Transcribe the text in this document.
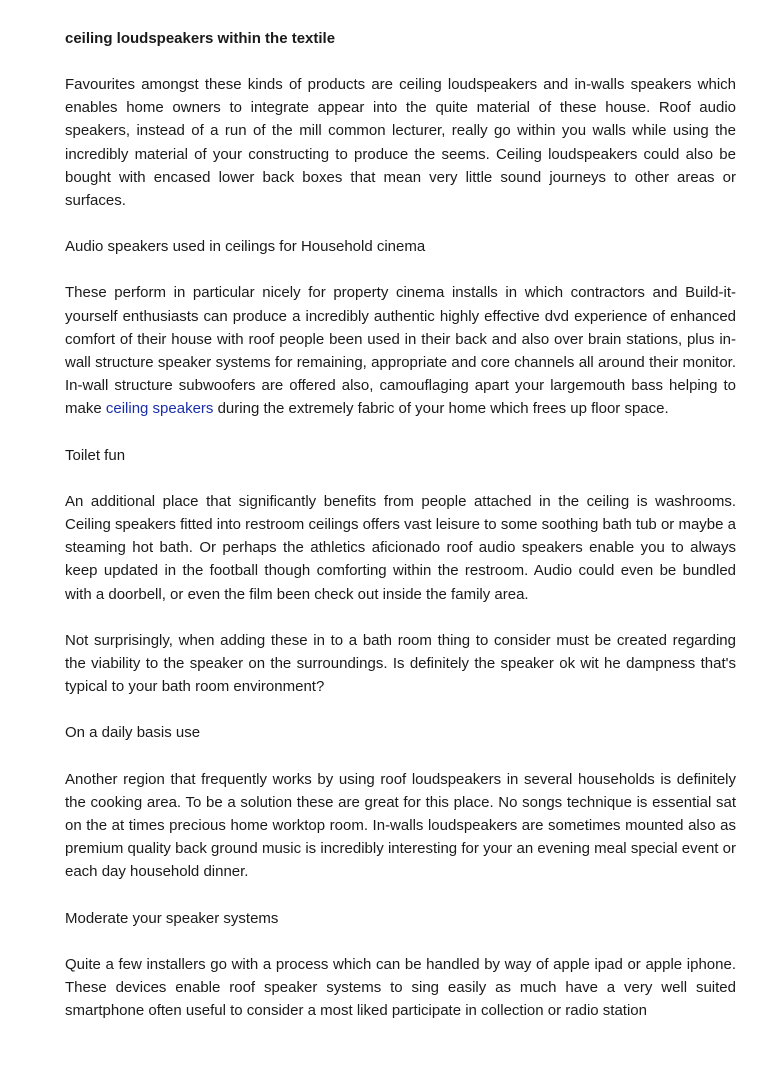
ceiling loudspeakers within the textile

Favourites amongst these kinds of products are ceiling loudspeakers and in-walls speakers which enables home owners to integrate appear into the quite material of these house. Roof audio speakers, instead of a run of the mill common lecturer, really go within you walls while using the incredibly material of your constructing to produce the seems. Ceiling loudspeakers could also be bought with encased lower back boxes that mean very little sound journeys to other areas or surfaces.

Audio speakers used in ceilings for Household cinema

These perform in particular nicely for property cinema installs in which contractors and Build-it-yourself enthusiasts can produce a incredibly authentic highly effective dvd experience of enhanced comfort of their house with roof people been used in their back and also over brain stations, plus in-wall structure speaker systems for remaining, appropriate and core channels all around their monitor. In-wall structure subwoofers are offered also, camouflaging apart your largemouth bass helping to make ceiling speakers during the extremely fabric of your home which frees up floor space.

Toilet fun

An additional place that significantly benefits from people attached in the ceiling is washrooms. Ceiling speakers fitted into restroom ceilings offers vast leisure to some soothing bath tub or maybe a steaming hot bath. Or perhaps the athletics aficionado roof audio speakers enable you to always keep updated in the football though comforting within the restroom. Audio could even be bundled with a doorbell, or even the film been check out inside the family area.

Not surprisingly, when adding these in to a bath room thing to consider must be created regarding the viability to the speaker on the surroundings. Is definitely the speaker ok wit he dampness that's typical to your bath room environment?

On a daily basis use

Another region that frequently works by using roof loudspeakers in several households is definitely the cooking area. To be a solution these are great for this place. No songs technique is essential sat on the at times precious home worktop room. In-walls loudspeakers are sometimes mounted also as premium quality back ground music is incredibly interesting for your an evening meal special event or each day household dinner.

Moderate your speaker systems

Quite a few installers go with a process which can be handled by way of apple ipad or apple iphone. These devices enable roof speaker systems to sing easily as much have a very well suited smartphone often useful to consider a most liked participate in collection or radio station
